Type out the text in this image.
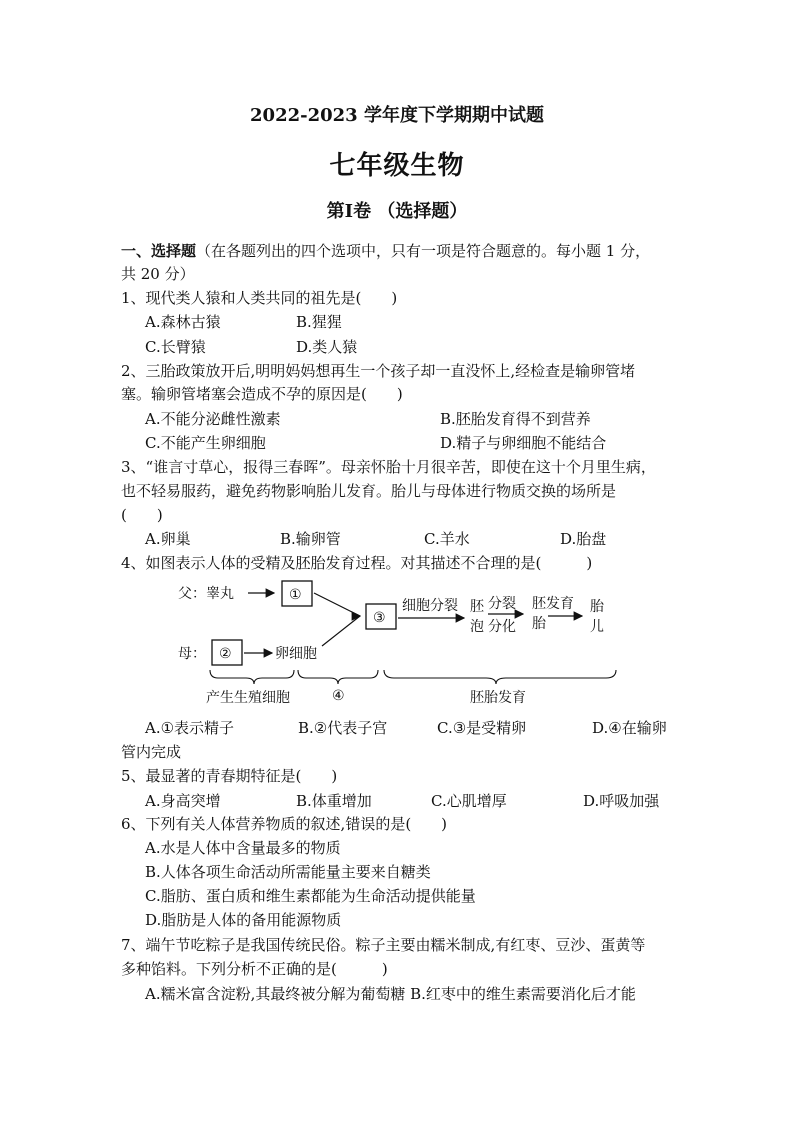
2022-2023 学年度下学期期中试题
七年级生物
第Ⅰ卷 （选择题）
一、选择题（在各题列出的四个选项中，只有一项是符合题意的。每小题 1 分，
共 20 分）
1、现代类人猿和人类共同的祖先是(　　)
A.森林古猿	B.猩猩
C.长臂猿	D.类人猿
2、三胎政策放开后,明明妈妈想再生一个孩子却一直没怀上,经检查是输卵管堵
塞。输卵管堵塞会造成不孕的原因是(　　)
A.不能分泌雌性激素	B.胚胎发育得不到营养
C.不能产生卵细胞	D.精子与卵细胞不能结合
3、“谁言寸草心，报得三春晖”。母亲怀胎十月很辛苦，即使在这十个月里生病，
也不轻易服药，避免药物影响胎儿发育。胎儿与母体进行物质交换的场所是
(　　)
A.卵巢	B.输卵管	C.羊水	D.胎盘
4、如图表示人体的受精及胚胎发育过程。对其描述不合理的是(　　　)
父：睾丸	①
母： ②	卵细胞
③
细胞分裂 胚
泡
分裂
分化
胚发育
胎
胎
儿
产生生殖细胞	④	胚胎发育
A.①表示精子	B.②代表子宫	C.③是受精卵	D.④在输卵
管内完成
5、最显著的青春期特征是(　　)
A.身高突增	B.体重增加	C.心肌增厚	D.呼吸加强
6、下列有关人体营养物质的叙述,错误的是(　　)
A.水是人体中含量最多的物质
B.人体各项生命活动所需能量主要来自糖类
C.脂肪、蛋白质和维生素都能为生命活动提供能量
D.脂肪是人体的备用能源物质
7、端午节吃粽子是我国传统民俗。粽子主要由糯米制成,有红枣、豆沙、蛋黄等
多种馅料。下列分析不正确的是(　　　)
A.糯米富含淀粉,其最终被分解为葡萄糖 B.红枣中的维生素需要消化后才能
